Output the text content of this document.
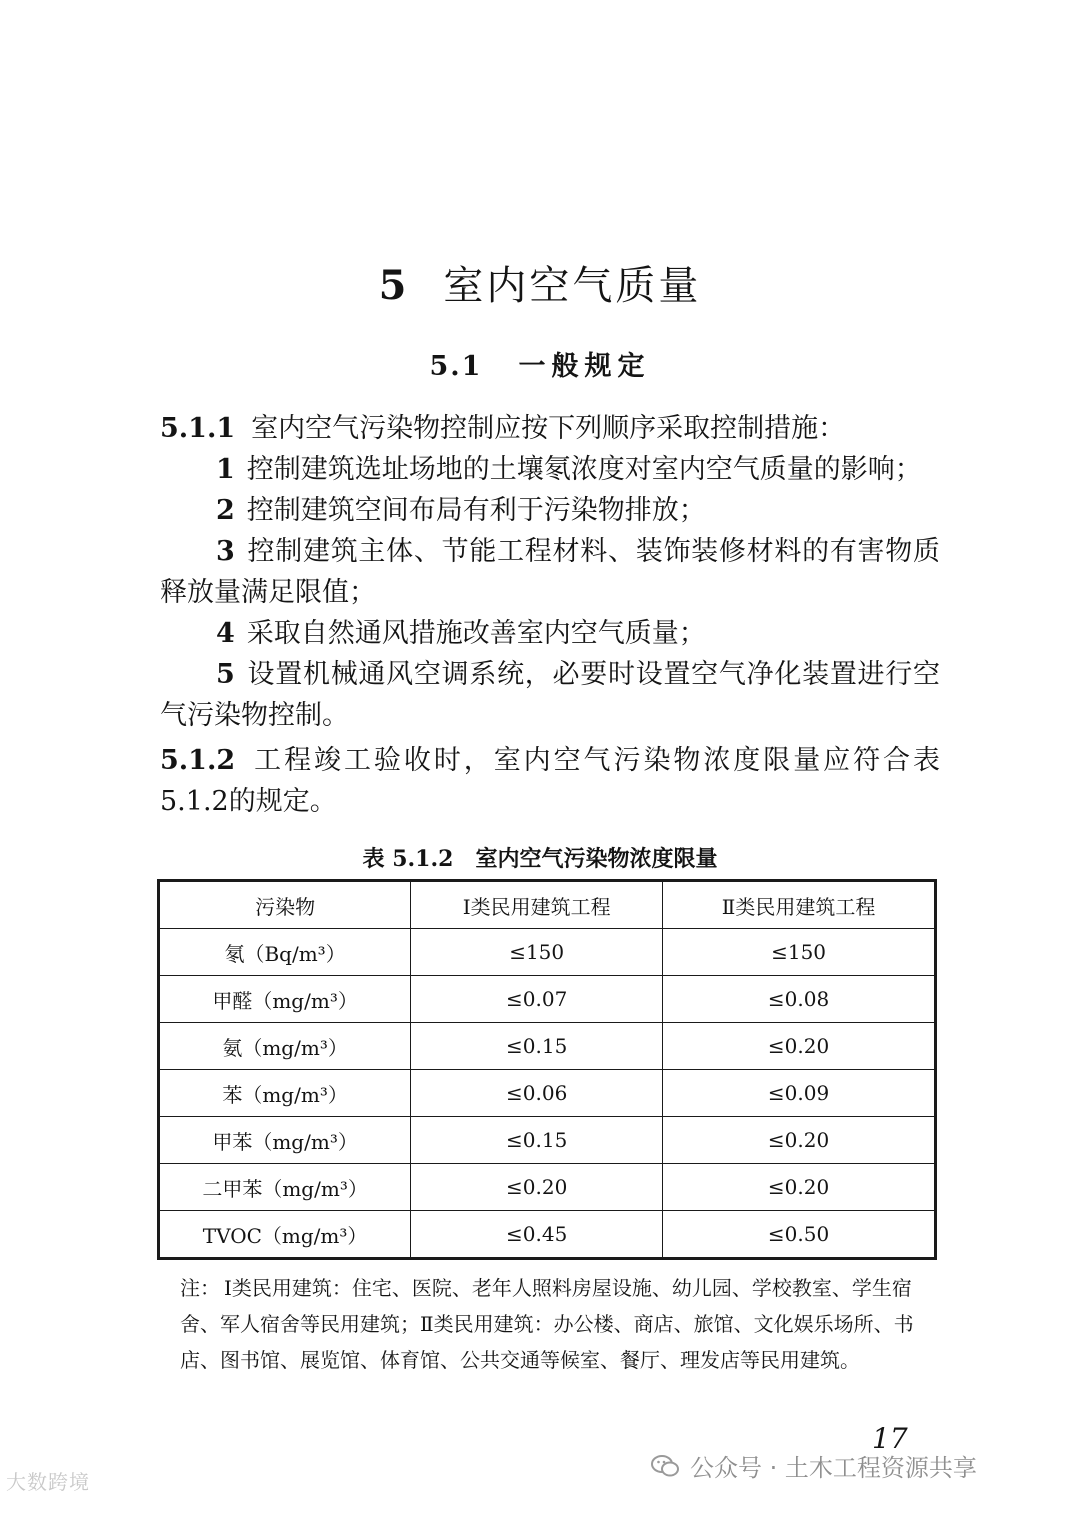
5 室内空气质量
5.1 一般规定
5.1.1 室内空气污染物控制应按下列顺序采取控制措施：
1 控制建筑选址场地的土壤氡浓度对室内空气质量的影响；
2 控制建筑空间布局有利于污染物排放；
3 控制建筑主体、节能工程材料、装饰装修材料的有害物质释放量满足限值；
4 采取自然通风措施改善室内空气质量；
5 设置机械通风空调系统，必要时设置空气净化装置进行空气污染物控制。
5.1.2 工程竣工验收时，室内空气污染物浓度限量应符合表 5.1.2的规定。
表 5.1.2 室内空气污染物浓度限量
污染物	Ⅰ类民用建筑工程	Ⅱ类民用建筑工程
氡（Bq/m³）	≤150	≤150
甲醛（mg/m³）	≤0.07	≤0.08
氨（mg/m³）	≤0.15	≤0.20
苯（mg/m³）	≤0.06	≤0.09
甲苯（mg/m³）	≤0.15	≤0.20
二甲苯（mg/m³）	≤0.20	≤0.20
TVOC（mg/m³）	≤0.45	≤0.50
注： Ⅰ类民用建筑：住宅、医院、老年人照料房屋设施、幼儿园、学校教室、学生宿舍、军人宿舍等民用建筑；Ⅱ类民用建筑：办公楼、商店、旅馆、文化娱乐场所、书店、图书馆、展览馆、体育馆、公共交通等候室、餐厅、理发店等民用建筑。
17
大数跨境	公众号 · 土木工程资源共享
